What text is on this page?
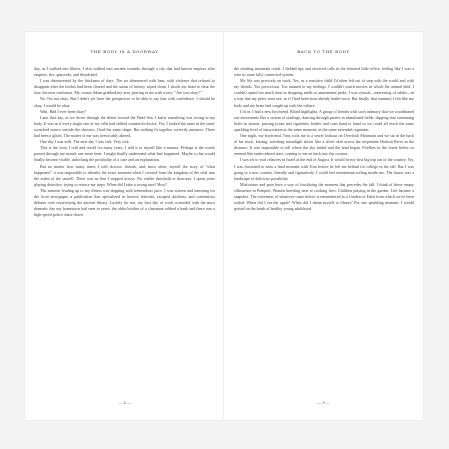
THE BODY IS A DOORWAY

day, as I walked into illness, I also walked into ancient wounds, through a city that had known empires after empires, fire, genocide, and bloodshed.

I was disinterested by the thickness of days. The air shimmered with heat, with violence that refused to disappear after the bodies had been cleared and the stains of history wiped clean. I shook my head to clear the fear; the near confusion. My cousin Adam grabbed my arm, peering at me with worry. "Are you okay?"

No. I'm not okay. But I didn't yet have the perspective to be able to say that with confidence. I should be okay. I would be okay.

Wait. Had I ever been okay?

Later that day, as we drove through the desert toward the Dead Sea, I knew something was wrong in my body. It was as if every single one of my cells had shifted counterclockwise. Yes, I looked the same in the sand-scratched mirror outside the showers. I had the same shape. But nothing fit together correctly anymore. Three had been a glitch. The matter of me was irrevocably altered.

One day I was well. The next day I was sick. Very sick.

This is the story I told and retold for many years. I told it to myself like a mantra. Perhaps if the words passed through my mouth one more time, I might finally understand what had happened. Maybe a clue would finally become visible, unlocking the possibility of a cure and an explanation.

But no matter how many times I told doctors, friends, and, most often, myself the story of "what happened," it was impossible to identify the exact moment when I crossed from the kingdom of the vital into the realm of the unwell. There was no line I stepped across. No visible threshold or doorway. I spent years playing detective, trying to retrace my steps. When did I take a wrong turn? How?

The summer leading up to my illness was dripping with tremendous juice. I was sixteen and interning for the local newspaper, a publication that specialized in harvest festivals, escaped chickens, and contentious debates over resurveying the ancient library. Luckily for me, my first day of work coincided with the most dramatic day my hometown had seen in years: the older brother of a classmate robbed a bank and there was a high-speed police chase down

— 2 —
BACK TO THE BODY

the winding mountain roads. I fielded tips and received calls in the frenzied little office, feeling like I was a wire in some fully connected system.

My life was precisely on track. Yes, as a sensitive child I'd often felt out of step with the world and with my friends. Too precocious. Too attuned to my feelings. I couldn't watch movies in which the animal died. I couldn't spend too much time in shopping malls or amusement parks. I was cynical—interesting of adults—in a way that my peers were not, so if I had been born already battle-worn. But finally, that summer, I felt like my body and my brain had caught up with the culture.

I fit in. I had a new boyfriend. Blond highlights. A group of friends with such intimacy that we coordinated our movements like a swarm of starlings, dancing through parties in abandoned fields, slipping into swimming holes in unison, passing joints and cigarettes, bottles and cans hand to hand so we could all reach the same sparkling level of intoxication at the same moment, as the same extended organism.

One night, my boyfriend, Tom, took me to a secret lookout on Overlook Mountain and we sat in the back of his truck, kissing, watching moonlight shiver like a silver skin across the serpentine Hudson River in the distance. It was impossible to tell where the sky ended and the land began. Fireflies in the forest below us seemed like embroidered stars, coming to me on back into the cosmos.

I was set to visit relatives in Israel at the end of August. It would be my first big trip out of the country. Yet, I was frustrated to miss a final moment with Tom before he left me behind for college in the fall. But I was going to a new country, literally and figuratively. I could feel momentum roiling inside me. The future was a landscape of delicious possibility.

Misfortune and pain have a way of fossilizing the moment that precedes the fall. I think of those empty silhouettes in Pompeii. Women kneeling next to cooking fires. Children playing in the garden. Life became a snapshot. The sweetness of whatever came before is remembered as a Garden of Eden from which we've been exiled. When did I eat the apple? When did I damn myself to illness? For one sparkling moment, I would poised on the brink of healthy young adulthood.

— 3 —
